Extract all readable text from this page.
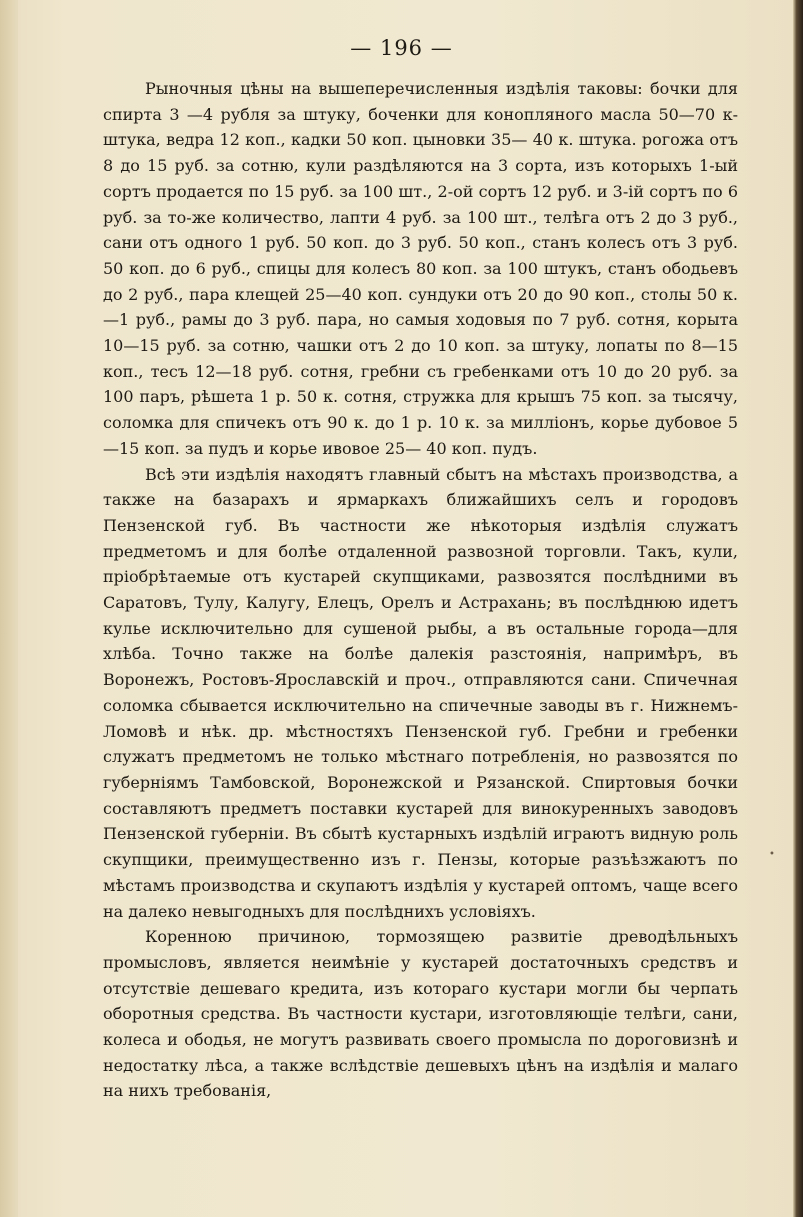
— 196 —

Рыночныя цѣны на вышеперечисленныя издѣлія таковы: бочки для спирта 3 —4 рубля за штуку, боченки для конопляного масла 50—70 к- штука, ведра 12 коп., кадки 50 коп. цыновки 35— 40 к. штука. рогожа отъ 8 до 15 руб. за сотню, кули раздѣляются на 3 сорта, изъ которыхъ 1-ый сортъ продается по 15 руб. за 100 шт., 2-ой сортъ 12 руб. и 3-ій сортъ по 6 руб. за то-же количество, лапти 4 руб. за 100 шт., телѣга отъ 2 до 3 руб., сани отъ одного 1 руб. 50 коп. до 3 руб. 50 коп., станъ колесъ отъ 3 руб. 50 коп. до 6 руб., спицы для колесъ 80 коп. за 100 штукъ, станъ ободьевъ до 2 руб., пара клещей 25—40 коп. сундуки отъ 20 до 90 коп., столы 50 к.—1 руб., рамы до 3 руб. пара, но самыя ходовыя по 7 руб. сотня, корыта 10—15 руб. за сотню, чашки отъ 2 до 10 коп. за штуку, лопаты по 8—15 коп., тесъ 12—18 руб. сотня, гребни съ гребенками отъ 10 до 20 руб. за 100 паръ, рѣшета 1 р. 50 к. сотня, стружка для крышъ 75 коп. за тысячу, соломка для спичекъ отъ 90 к. до 1 р. 10 к. за милліонъ, корье дубовое 5—15 коп. за пудъ и корье ивовое 25— 40 коп. пудъ.

Всѣ эти издѣлія находятъ главный сбытъ на мѣстахъ производства, а также на базарахъ и ярмаркахъ ближайшихъ селъ и городовъ Пензенской губ. Въ частности же нѣкоторыя издѣлія служатъ предметомъ и для болѣе отдаленной развозной торговли. Такъ, кули, пріобрѣтаемые отъ кустарей скупщиками, развозятся послѣдними въ Саратовъ, Тулу, Калугу, Елецъ, Орелъ и Астрахань; въ послѣднюю идетъ кулье исключительно для сушеной рыбы, а въ остальные города—для хлѣба. Точно также на болѣе далекія разстоянія, напримѣръ, въ Воронежъ, Ростовъ-Ярославскій и проч., отправляются сани. Спичечная соломка сбывается исключительно на спичечные заводы въ г. Нижнемъ-Ломовѣ и нѣк. др. мѣстностяхъ Пензенской губ. Гребни и гребенки служатъ предметомъ не только мѣстнаго потребленія, но развозятся по губерніямъ Тамбовской, Воронежской и Рязанской. Спиртовыя бочки составляютъ предметъ поставки кустарей для винокуренныхъ заводовъ Пензенской губерніи. Въ сбытѣ кустарныхъ издѣлій играютъ видную роль скупщики, преимущественно изъ г. Пензы, которые разъѣзжаютъ по мѣстамъ производства и скупаютъ издѣлія у кустарей оптомъ, чаще всего на далеко невыгодныхъ для послѣднихъ условіяхъ.

Коренною причиною, тормозящею развитіе древодѣльныхъ промысловъ, является неимѣніе у кустарей достаточныхъ средствъ и отсутствіе дешеваго кредита, изъ котораго кустари могли бы черпать оборотныя средства. Въ частности кустари, изготовляющіе телѣги, сани, колеса и ободья, не могутъ развивать своего промысла по дороговизнѣ и недостатку лѣса, а также вслѣдствіе дешевыхъ цѣнъ на издѣлія и малаго на нихъ требованія,

•
